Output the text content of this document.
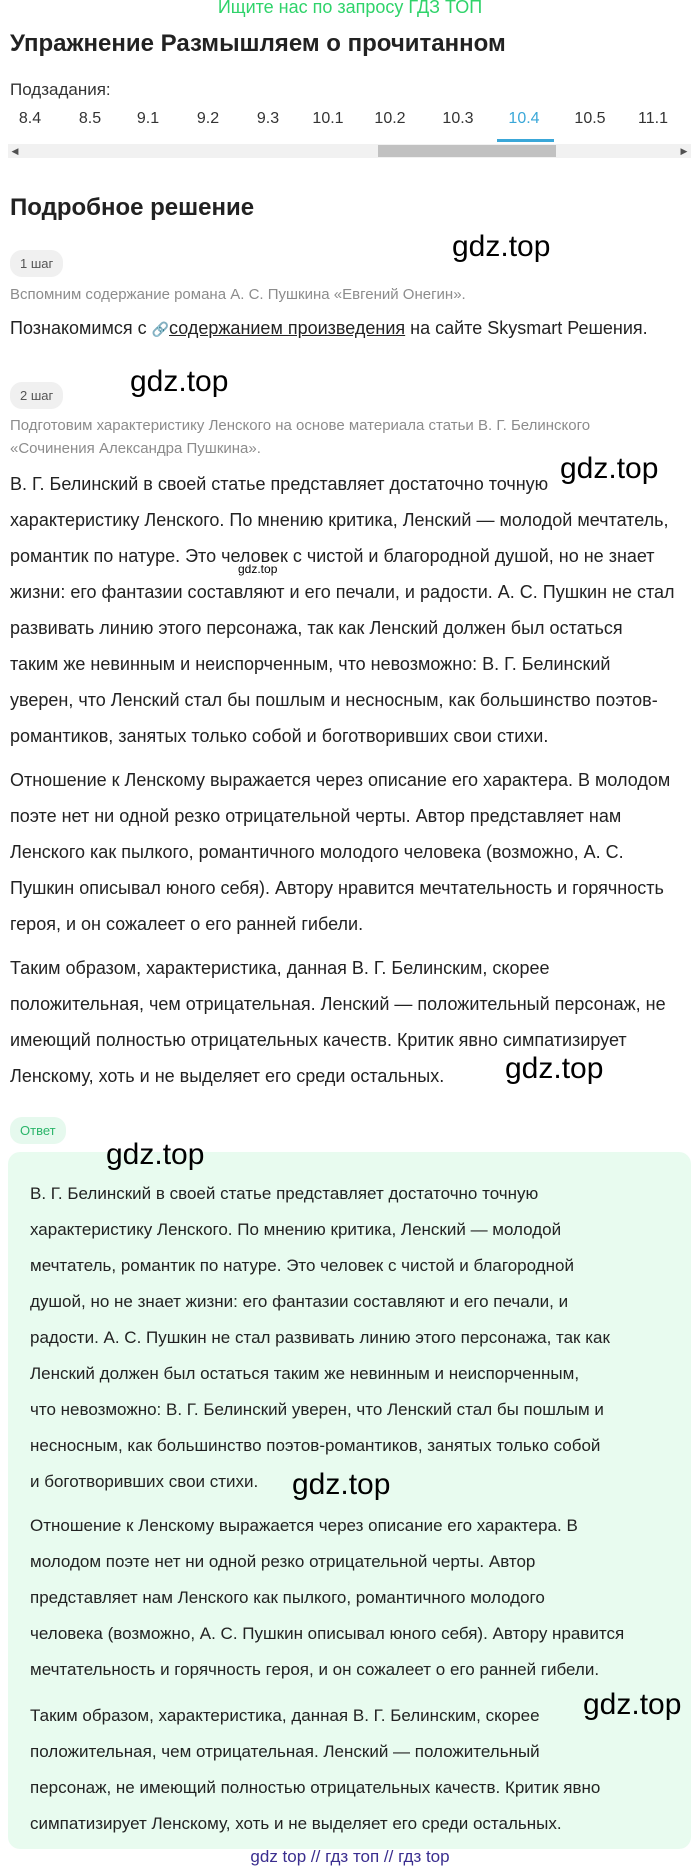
Ищите нас по запросу ГДЗ ТОП
Упражнение Размышляем о прочитанном
Подзадания:
8.4	8.5	9.1	9.2	9.3	10.1	10.2	10.3	10.4	10.5	11.1
◀	▶
Подробное решение
1 шаг
gdz.top
Вспомним содержание романа А. С. Пушкина «Евгений Онегин».
Познакомимся с 🔗содержанием произведения на сайте Skysmart Решения.
2 шаг	gdz.top
Подготовим характеристику Ленского на основе материала статьи В. Г. Белинского
«Сочинения Александра Пушкина».
В. Г. Белинский в своей статье представляет достаточно точную
характеристику Ленского. По мнению критика, Ленский — молодой мечтатель,
романтик по натуре. Это человек с чистой и благородной душой, но не знает
жизни: его фантазии составляют и его печали, и радости. А. С. Пушкин не стал
развивать линию этого персонажа, так как Ленский должен был остаться
таким же невинным и неиспорченным, что невозможно: В. Г. Белинский
уверен, что Ленский стал бы пошлым и несносным, как большинство поэтов-
романтиков, занятых только собой и боготворивших свои стихи.
gdz.top
gdz.top
Отношение к Ленскому выражается через описание его характера. В молодом
поэте нет ни одной резко отрицательной черты. Автор представляет нам
Ленского как пылкого, романтичного молодого человека (возможно, А. С.
Пушкин описывал юного себя). Автору нравится мечтательность и горячность
героя, и он сожалеет о его ранней гибели.
Таким образом, характеристика, данная В. Г. Белинским, скорее
положительная, чем отрицательная. Ленский — положительный персонаж, не
имеющий полностью отрицательных качеств. Критик явно симпатизирует
Ленскому, хоть и не выделяет его среди остальных.	gdz.top
Ответ
gdz.top
В. Г. Белинский в своей статье представляет достаточно точную
характеристику Ленского. По мнению критика, Ленский — молодой
мечтатель, романтик по натуре. Это человек с чистой и благородной
душой, но не знает жизни: его фантазии составляют и его печали, и
радости. А. С. Пушкин не стал развивать линию этого персонажа, так как
Ленский должен был остаться таким же невинным и неиспорченным,
что невозможно: В. Г. Белинский уверен, что Ленский стал бы пошлым и
несносным, как большинство поэтов-романтиков, занятых только собой
и боготворивших свои стихи.	gdz.top
Отношение к Ленскому выражается через описание его характера. В
молодом поэте нет ни одной резко отрицательной черты. Автор
представляет нам Ленского как пылкого, романтичного молодого
человека (возможно, А. С. Пушкин описывал юного себя). Автору нравится
мечтательность и горячность героя, и он сожалеет о его ранней гибели.
gdz.top
Таким образом, характеристика, данная В. Г. Белинским, скорее
положительная, чем отрицательная. Ленский — положительный
персонаж, не имеющий полностью отрицательных качеств. Критик явно
симпатизирует Ленскому, хоть и не выделяет его среди остальных.
gdz top // гдз топ // гдз top
